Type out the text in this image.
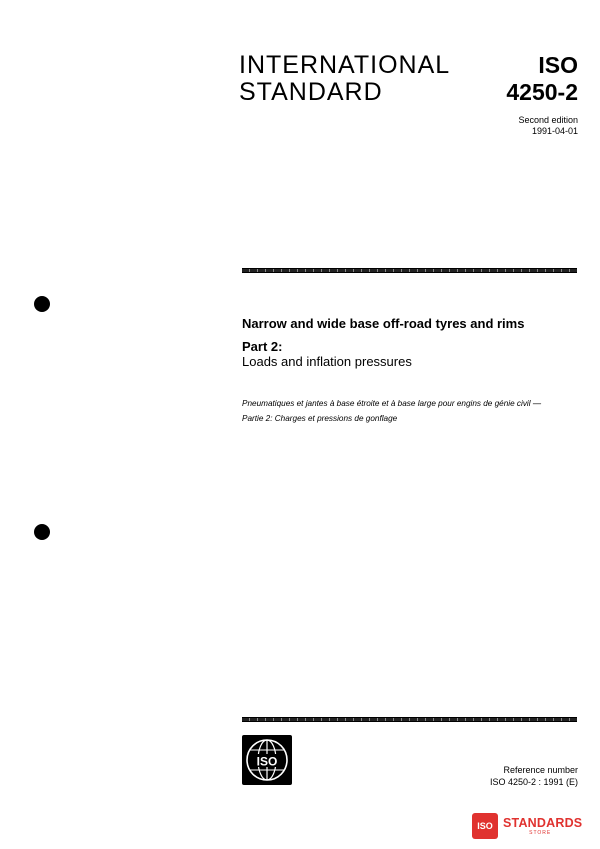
INTERNATIONAL
STANDARD
ISO
4250-2
Second edition
1991-04-01
Narrow and wide base off-road tyres and rims
Part 2:
Loads and inflation pressures
Pneumatiques et jantes à base étroite et à base large pour engins de génie civil —
Partie 2: Charges et pressions de gonflage
ISO
Reference number
ISO 4250-2 : 1991 (E)
ISO STANDARDS
STORE
